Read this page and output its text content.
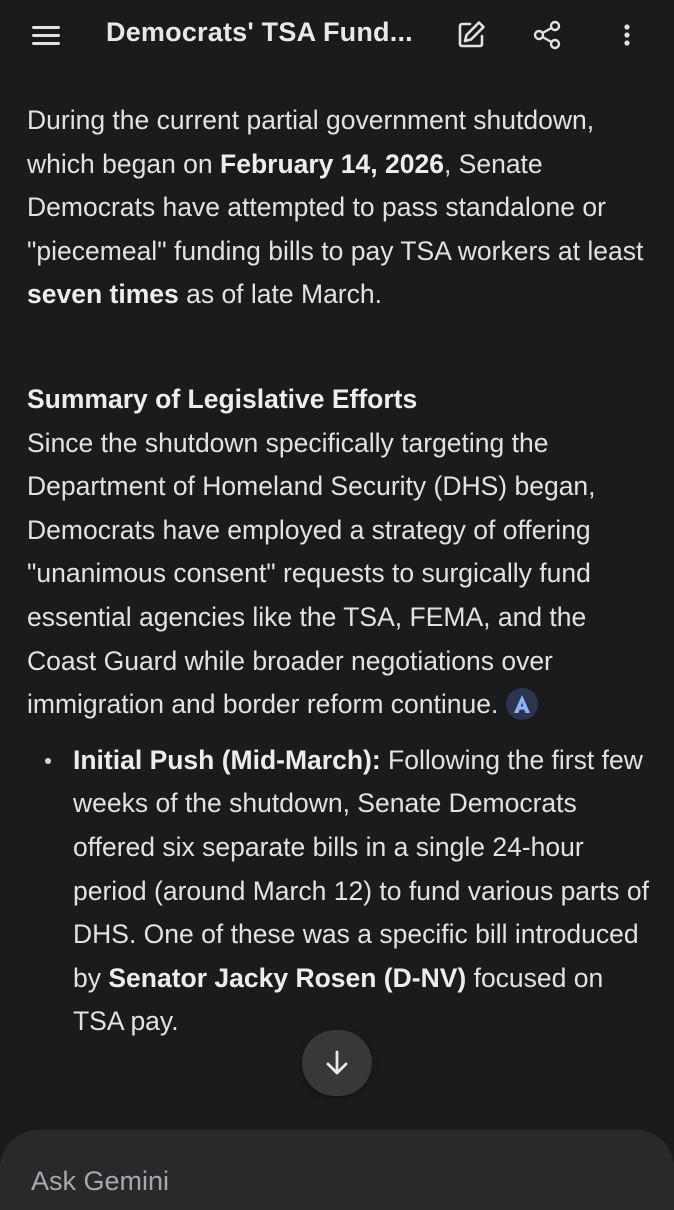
Democrats' TSA Fund...

During the current partial government shutdown, which began on February 14, 2026, Senate Democrats have attempted to pass standalone or "piecemeal" funding bills to pay TSA workers at least seven times as of late March.

Summary of Legislative Efforts

Since the shutdown specifically targeting the Department of Homeland Security (DHS) began, Democrats have employed a strategy of offering "unanimous consent" requests to surgically fund essential agencies like the TSA, FEMA, and the Coast Guard while broader negotiations over immigration and border reform continue.

Initial Push (Mid-March): Following the first few weeks of the shutdown, Senate Democrats offered six separate bills in a single 24-hour period (around March 12) to fund various parts of DHS. One of these was a specific bill introduced by Senator Jacky Rosen (D-NV) focused on TSA pay.
Ask Gemini
